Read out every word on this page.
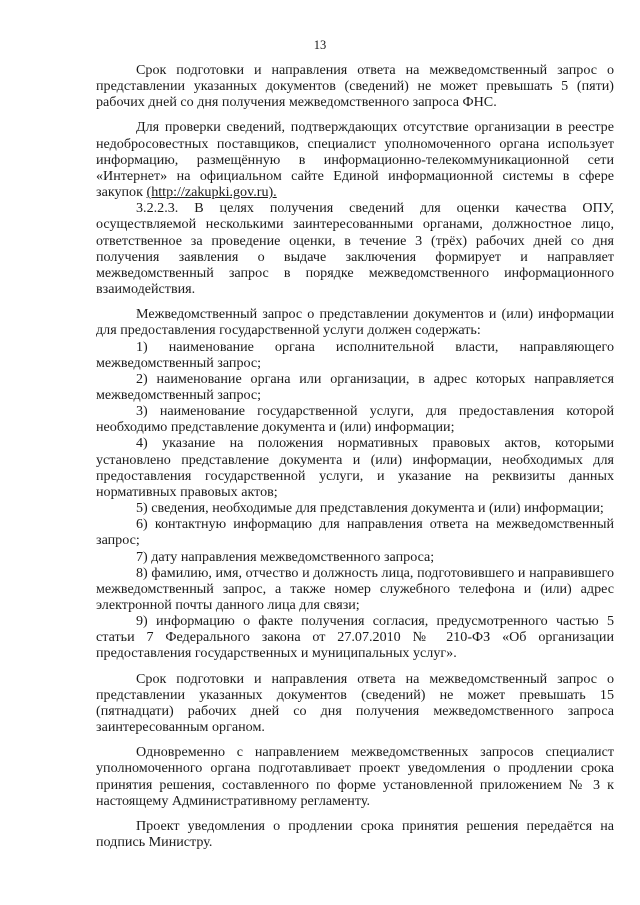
13

Срок подготовки и направления ответа на межведомственный запрос о представлении указанных документов (сведений) не может превышать 5 (пяти) рабочих дней со дня получения межведомственного запроса ФНС.

Для проверки сведений, подтверждающих отсутствие организации в реестре недобросовестных поставщиков, специалист уполномоченного органа использует информацию, размещённую в информационно-телекоммуникационной сети «Интернет» на официальном сайте Единой информационной системы в сфере закупок (http://zakupki.gov.ru).

3.2.2.3. В целях получения сведений для оценки качества ОПУ, осуществляемой несколькими заинтересованными органами, должностное лицо, ответственное за проведение оценки, в течение 3 (трёх) рабочих дней со дня получения заявления о выдаче заключения формирует и направляет межведомственный запрос в порядке межведомственного информационного взаимодействия.

Межведомственный запрос о представлении документов и (или) информации для предоставления государственной услуги должен содержать:

1) наименование органа исполнительной власти, направляющего межведомственный запрос;

2) наименование органа или организации, в адрес которых направляется межведомственный запрос;

3) наименование государственной услуги, для предоставления которой необходимо представление документа и (или) информации;

4) указание на положения нормативных правовых актов, которыми установлено представление документа и (или) информации, необходимых для предоставления государственной услуги, и указание на реквизиты данных нормативных правовых актов;

5) сведения, необходимые для представления документа и (или) информации;

6) контактную информацию для направления ответа на межведомственный запрос;

7) дату направления межведомственного запроса;

8) фамилию, имя, отчество и должность лица, подготовившего и направившего межведомственный запрос, а также номер служебного телефона и (или) адрес электронной почты данного лица для связи;

9) информацию о факте получения согласия, предусмотренного частью 5 статьи 7 Федерального закона от 27.07.2010 № 210-ФЗ «Об организации предоставления государственных и муниципальных услуг».

Срок подготовки и направления ответа на межведомственный запрос о представлении указанных документов (сведений) не может превышать 15 (пятнадцати) рабочих дней со дня получения межведомственного запроса заинтересованным органом.

Одновременно с направлением межведомственных запросов специалист уполномоченного органа подготавливает проект уведомления о продлении срока принятия решения, составленного по форме установленной приложением № 3 к настоящему Административному регламенту.

Проект уведомления о продлении срока принятия решения передаётся на подпись Министру.
